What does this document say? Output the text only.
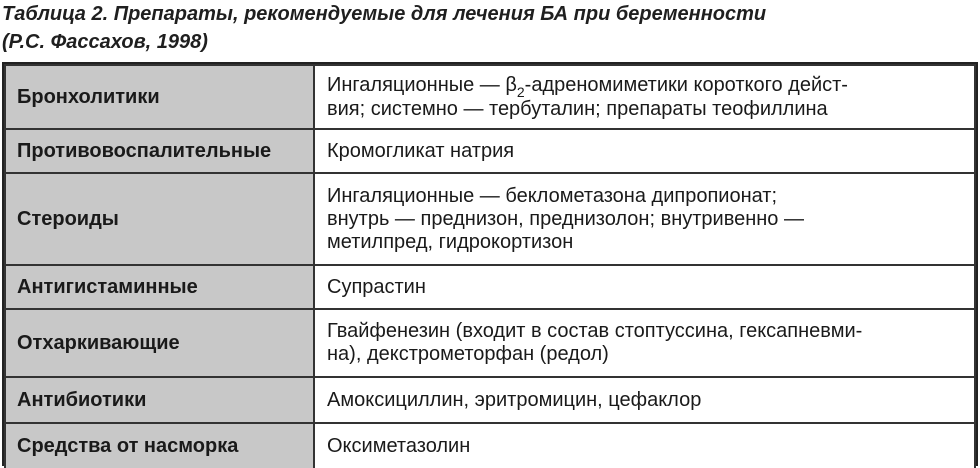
Таблица 2. Препараты, рекомендуемые для лечения БА при беременности
(Р.С. Фассахов, 1998)
Бронхолитики	Ингаляционные — $\beta_2$-адреномиметики короткого дейст-
вия; системно — тербуталин; препараты теофиллина

Противовоспалительные	Кромогликат натрия

Стероиды	Ингаляционные — беклометазона дипропионат;
внутрь — преднизон, преднизолон; внутривенно —
метилпред, гидрокортизон

Антигистаминные	Супрастин

Отхаркивающие	Гвайфенезин (входит в состав стоптуссина, гексапневми-
на), декстрометорфан (редол)

Антибиотики	Амоксициллин, эритромицин, цефаклор

Средства от насморка	Оксиметазолин
